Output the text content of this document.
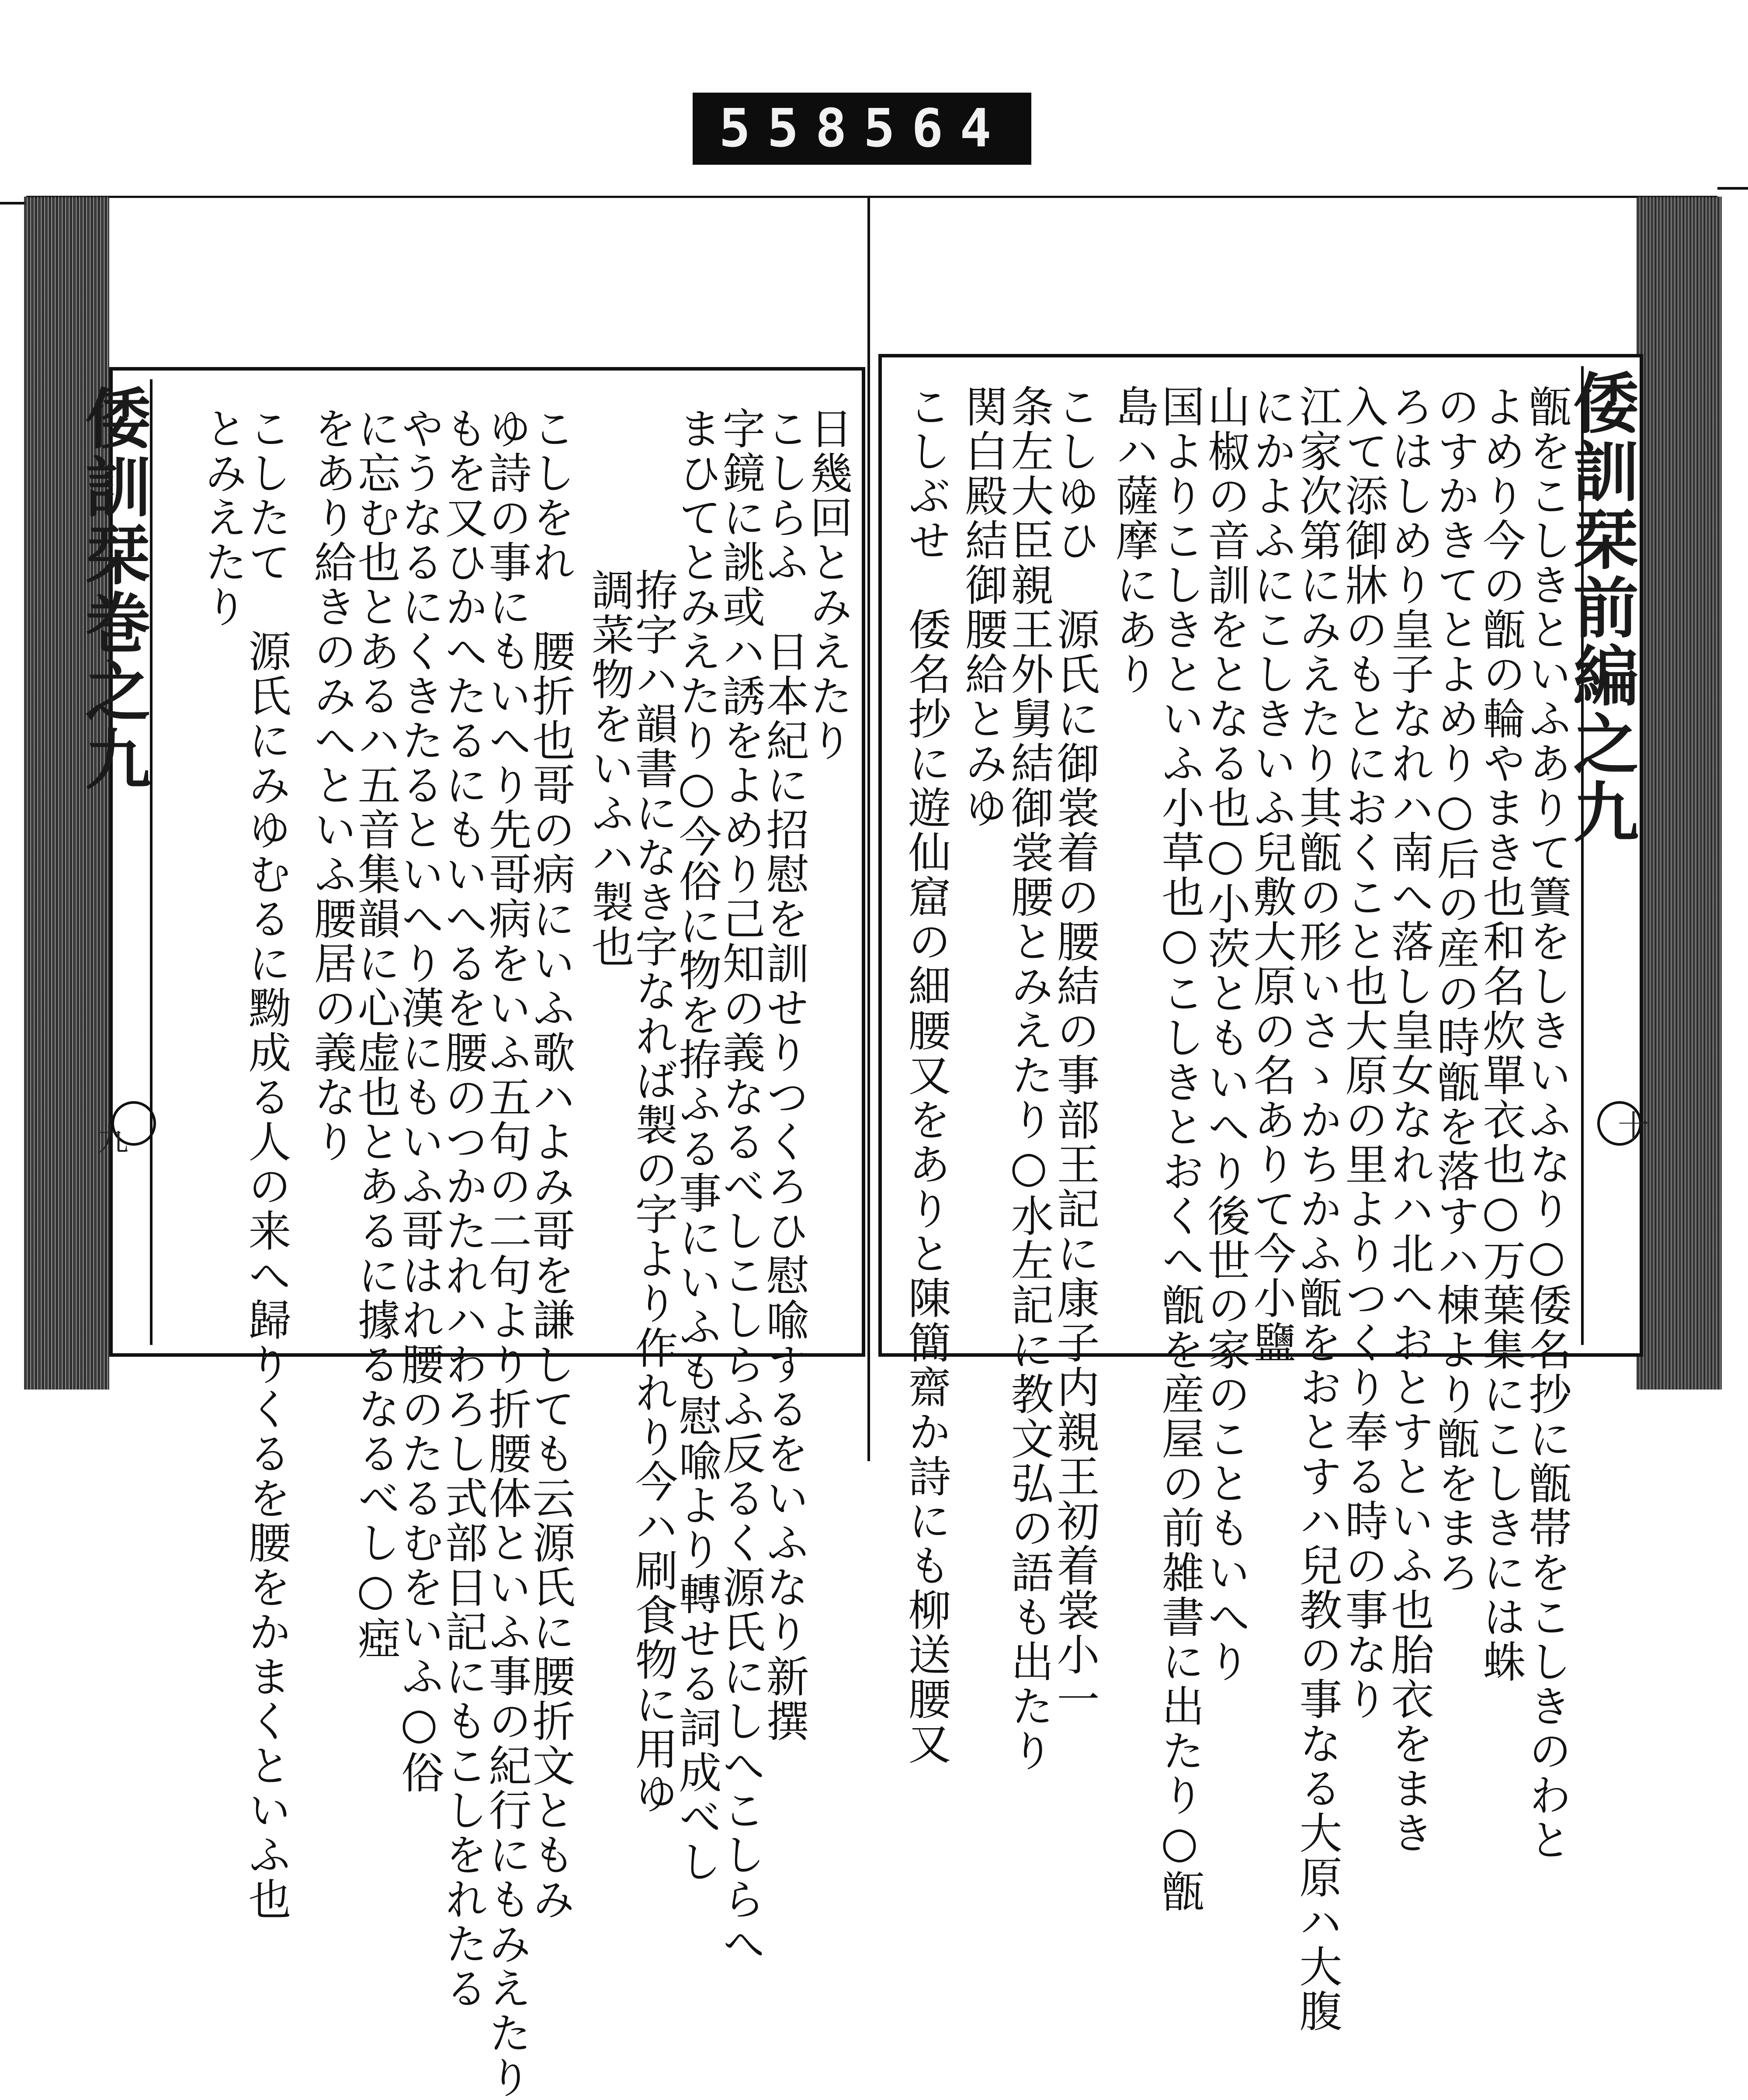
558 564
倭訓栞巻之九
九
日幾回とみえたり
こしらふ　日本紀に招慰を訓せりつくろひ慰喩するをいふなり新撰
字鏡に誂或ハ誘をよめり己知の義なるべしこしらふ反るく源氏にしへこしらへ
まひてとみえたり○今俗に物を拵ふる事にいふも慰喩より轉せる詞成べし
拵字ハ韻書になき字なれば製の字より作れり今ハ刷食物に用ゆ
調菜物をいふハ製也
こしをれ　腰折也哥の病にいふ歌ハよみ哥を謙しても云源氏に腰折文ともみ
ゆ詩の事にもいへり先哥病をいふ五句の二句より折腰体といふ事の紀行にもみえたり
もを又ひかへたるにもいへるを腰のつかたれハわろし式部日記にもこしをれたる
やうなるにくきたるといへり漢にもいふ哥はれ腰のたるむをいふ○俗
に忘む也とあるハ五音集韻に心虚也とあるに據るなるべし○瘂
をあり給きのみへといふ腰居の義なり
こしたて　源氏にみゆむるに黝成る人の来へ歸りくるを腰をかまくといふ也
とみえたり	倭訓栞前編之九
十
甑をこしきといふありて簀をしきいふなり○倭名抄に甑帯をこしきのわと
よめり今の甑の輪やまき也和名炊單衣也○万葉集にこしきには蛛
のすかきてとよめり○后の産の時甑を落すハ棟より甑をまろ
ろはしめり皇子なれハ南へ落し皇女なれハ北へおとすといふ也胎衣をまき
入て添御牀のもとにおくこと也大原の里よりつくり奉る時の事なり
江家次第にみえたり其甑の形いさゝかちかふ甑をおとすハ兒教の事なる大原ハ大腹
にかよふにこしきいふ兒敷大原の名ありて今小鹽
山椒の音訓をとなる也○小茨ともいへり後世の家のこともいへり
国よりこしきといふ小草也○こしきとおくへ甑を産屋の前雑書に出たり○甑
島ハ薩摩にあり
こしゆひ　源氏に御裳着の腰結の事部王記に康子内親王初着裳小一
条左大臣親王外舅結御裳腰とみえたり○水左記に教文弘の語も出たり
関白殿結御腰給とみゆ
こしぶせ　倭名抄に遊仙窟の細腰又をありと陳簡齋か詩にも柳送腰又
